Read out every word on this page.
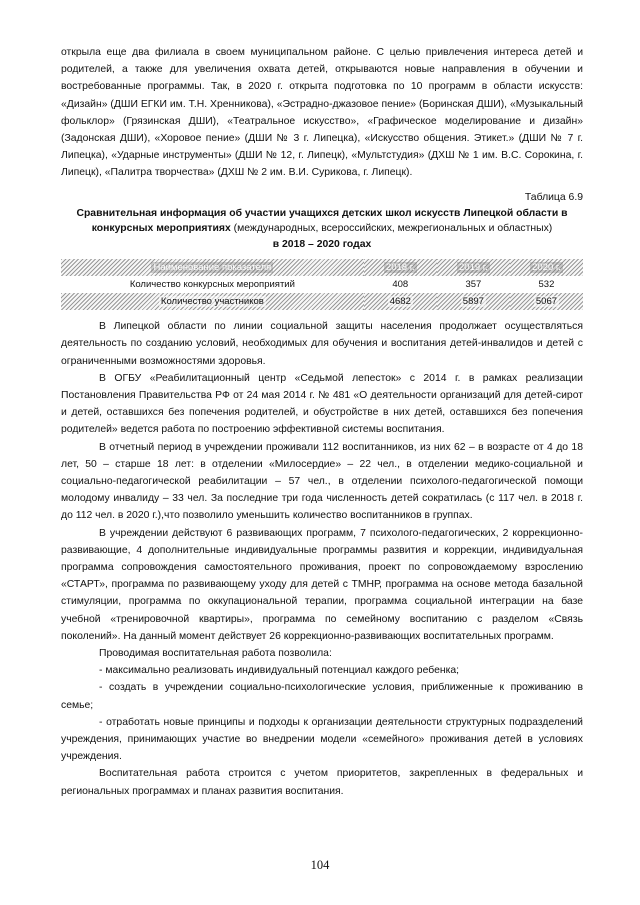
открыла еще два филиала в своем муниципальном районе. С целью привлечения интереса детей и родителей, а также для увеличения охвата детей, открываются новые направления в обучении и востребованные программы. Так, в 2020 г. открыта подготовка по 10 программ в области искусств: «Дизайн» (ДШИ ЕГКИ им. Т.Н. Хренникова), «Эстрадно-джазовое пение» (Боринская ДШИ), «Музыкальный фольклор» (Грязинская ДШИ), «Театральное искусство», «Графическое моделирование и дизайн» (Задонская ДШИ), «Хоровое пение» (ДШИ № 3 г. Липецка), «Искусство общения. Этикет.» (ДШИ № 7 г. Липецка), «Ударные инструменты» (ДШИ № 12, г. Липецк), «Мультстудия» (ДХШ № 1 им. В.С. Сорокина, г. Липецк), «Палитра творчества» (ДХШ № 2 им. В.И. Сурикова, г. Липецк).

Таблица 6.9

Сравнительная информация об участии учащихся детских школ искусств Липецкой области в конкурсных мероприятиях (международных, всероссийских, межрегиональных и областных)
в 2018 – 2020 годах
Наименование показателя	2018 г.	2019 г.	2020 г.
Количество конкурсных мероприятий	408	357	532
Количество участников	4682	5897	5067

В Липецкой области по линии социальной защиты населения продолжает осуществляться деятельность по созданию условий, необходимых для обучения и воспитания детей-инвалидов и детей с ограниченными возможностями здоровья.

В ОГБУ «Реабилитационный центр «Седьмой лепесток» с 2014 г. в рамках реализации Постановления Правительства РФ от 24 мая 2014 г. № 481 «О деятельности организаций для детей-сирот и детей, оставшихся без попечения родителей, и обустройстве в них детей, оставшихся без попечения родителей» ведется работа по построению эффективной системы воспитания.

В отчетный период в учреждении проживали 112 воспитанников, из них 62 – в возрасте от 4 до 18 лет, 50 – старше 18 лет: в отделении «Милосердие» – 22 чел., в отделении медико-социальной и социально-педагогической реабилитации – 57 чел., в отделении психолого-педагогической помощи молодому инвалиду – 33 чел. За последние три года численность детей сократилась (с 117 чел. в 2018 г. до 112 чел. в 2020 г.),что позволило уменьшить количество воспитанников в группах.

В учреждении действуют 6 развивающих программ, 7 психолого-педагогических, 2 коррекционно-развивающие, 4 дополнительные индивидуальные программы развития и коррекции, индивидуальная программа сопровождения самостоятельного проживания, проект по сопровождаемому взрослению «СТАРТ», программа по развивающему уходу для детей с ТМНР, программа на основе метода базальной стимуляции, программа по оккупациональной терапии, программа социальной интеграции на базе учебной «тренировочной квартиры», программа по семейному воспитанию с разделом «Связь поколений». На данный момент действует 26 коррекционно-развивающих воспитательных программ.

Проводимая воспитательная работа позволила:

- максимально реализовать индивидуальный потенциал каждого ребенка;

- создать в учреждении социально-психологические условия, приближенные к проживанию в семье;

- отработать новые принципы и подходы к организации деятельности структурных подразделений учреждения, принимающих участие во внедрении модели «семейного» проживания детей в условиях учреждения.

Воспитательная работа строится с учетом приоритетов, закрепленных в федеральных и региональных программах и планах развития воспитания.

104
